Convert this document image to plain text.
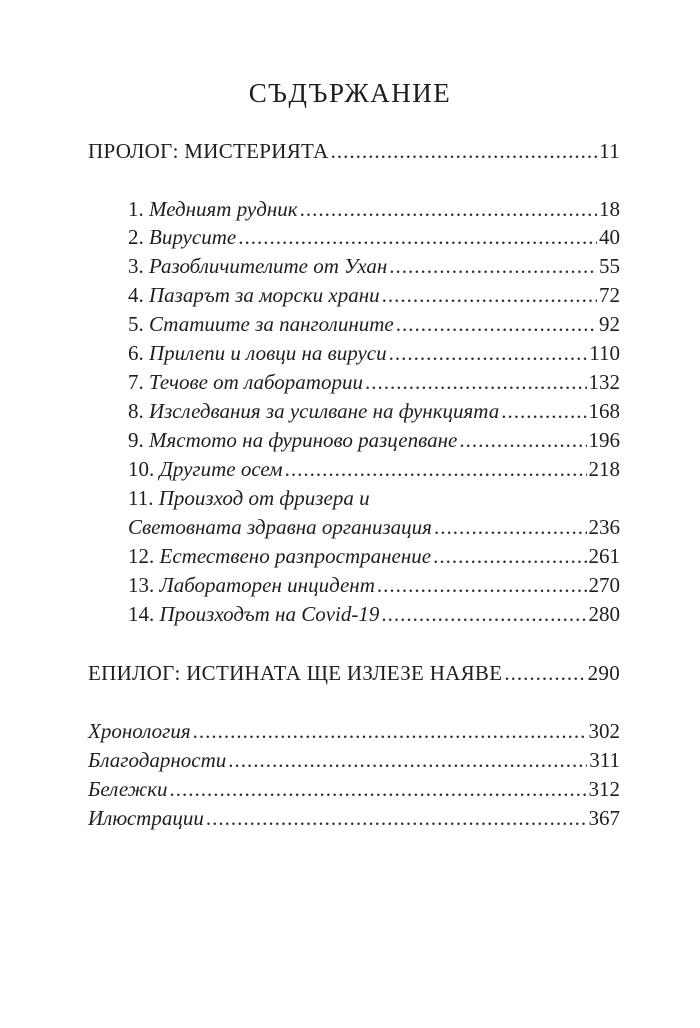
СЪДЪРЖАНИЕ
ПРОЛОГ: МИСТЕРИЯТА .....	11
1. Медният рудник .....	18
2. Вирусите .....	40
3. Разобличителите от Ухан .....	55
4. Пазарът за морски храни .....	72
5. Статиите за панголините .....	92
6. Прилепи и ловци на вируси .....	110
7. Течове от лаборатории .....	132
8. Изследвания за усилване на функцията .....	168
9. Мястото на фуриново разцепване .....	196
10. Другите осем .....	218
11. Произход от фризера и
Световната здравна организация .....	236
12. Естествено разпространение .....	261
13. Лабораторен инцидент .....	270
14. Произходът на Covid-19 .....	280
ЕПИЛОГ: ИСТИНАТА ЩЕ ИЗЛЕЗЕ НАЯВЕ .....	290
Хронология .....	302
Благодарности .....	311
Бележки .....	312
Илюстрации .....	367
